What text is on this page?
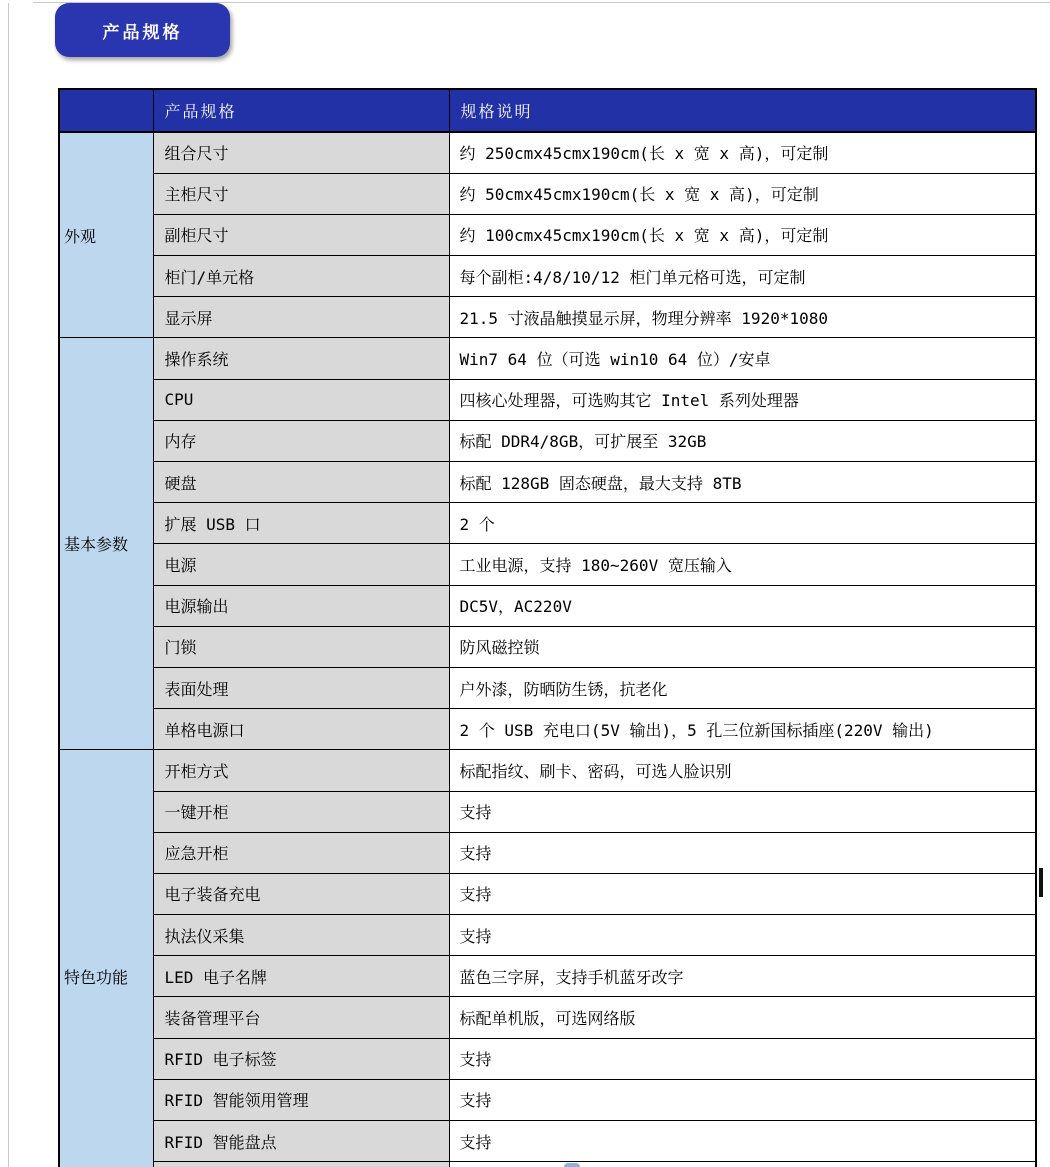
产品规格
	产品规格	规格说明
外观	组合尺寸	约 250cmx45cmx190cm(长 x 宽 x 高)，可定制
	主柜尺寸	约 50cmx45cmx190cm(长 x 宽 x 高)，可定制
	副柜尺寸	约 100cmx45cmx190cm(长 x 宽 x 高)，可定制
	柜门/单元格	每个副柜:4/8/10/12 柜门单元格可选，可定制
	显示屏	21.5 寸液晶触摸显示屏，物理分辨率 1920*1080
基本参数	操作系统	Win7 64 位（可选 win10 64 位）/安卓
	CPU	四核心处理器，可选购其它 Intel 系列处理器
	内存	标配 DDR4/8GB，可扩展至 32GB
	硬盘	标配 128GB 固态硬盘，最大支持 8TB
	扩展 USB 口	2 个
	电源	工业电源，支持 180~260V 宽压输入
	电源输出	DC5V，AC220V
	门锁	防风磁控锁
	表面处理	户外漆，防晒防生锈，抗老化
	单格电源口	2 个 USB 充电口(5V 输出)，5 孔三位新国标插座(220V 输出)
特色功能	开柜方式	标配指纹、刷卡、密码，可选人脸识别
	一键开柜	支持
	应急开柜	支持
	电子装备充电	支持
	执法仪采集	支持
	LED 电子名牌	蓝色三字屏，支持手机蓝牙改字
	装备管理平台	标配单机版，可选网络版
	RFID 电子标签	支持
	RFID 智能领用管理	支持
	RFID 智能盘点	支持
